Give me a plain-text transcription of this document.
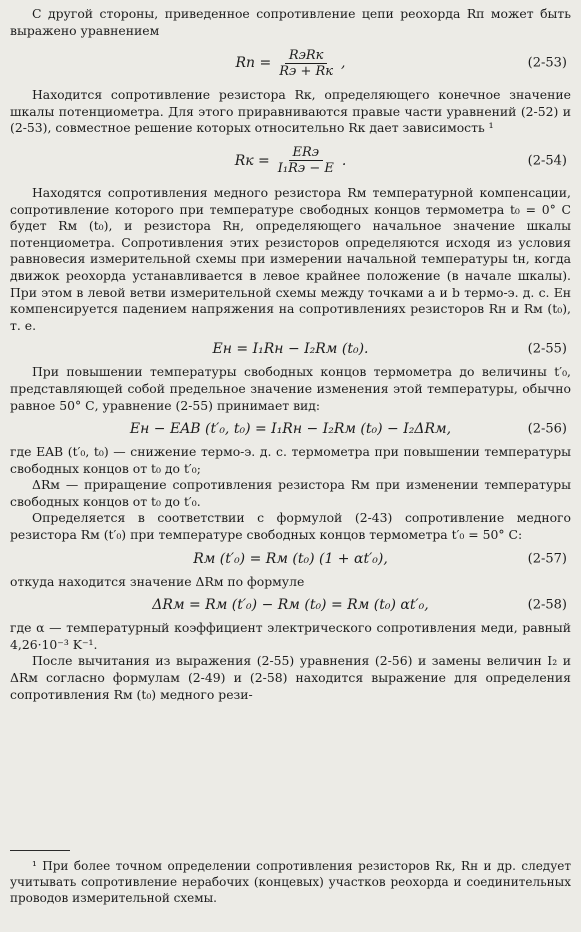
С другой стороны, приведенное сопротивление цепи реохорда Rп может быть выражено уравнением

Rп =	RэRк
Rэ + Rк ,	(2-53)

Находится сопротивление резистора Rк, определяющего конечное значение шкалы потенциометра. Для этого приравниваются правые части уравнений (2-52) и (2-53), совместное решение которых относительно Rк дает зависимость ¹

Rк =	ERэ
I₁Rэ − E .	(2-54)

Находятся сопротивления медного резистора Rм температурной компенсации, сопротивление которого при температуре свободных концов термометра t₀ = 0° С будет Rм (t₀), и резистора Rн, определяющего начальное значение шкалы потенциометра. Сопротивления этих резисторов определяются исходя из условия равновесия измерительной схемы при измерении начальной температуры tн, когда движок реохорда устанавливается в левое крайнее положение (в начале шкалы). При этом в левой ветви измерительной схемы между точками a и b термо-э. д. с. Eн компенсируется падением напряжения на сопротивлениях резисторов Rн и Rм (t₀), т. е.

Eн = I₁Rн − I₂Rм (t₀).	(2-55)

При повышении температуры свободных концов термометра до величины t′₀, представляющей собой предельное значение изменения этой температуры, обычно равное 50° С, уравнение (2-55) принимает вид:

Eн − EAB (t′₀, t₀) = I₁Rн − I₂Rм (t₀) − I₂ΔRм,	(2-56)

где EAB (t′₀, t₀) — снижение термо-э. д. с. термометра при повышении температуры свободных концов от t₀ до t′₀;

ΔRм — приращение сопротивления резистора Rм при изменении температуры свободных концов от t₀ до t′₀.

Определяется в соответствии с формулой (2-43) сопротивление медного резистора Rм (t′₀) при температуре свободных концов термометра t′₀ = 50° С:

Rм (t′₀) = Rм (t₀) (1 + αt′₀),	(2-57)

откуда находится значение ΔRм по формуле

ΔRм = Rм (t′₀) − Rм (t₀) = Rм (t₀) αt′₀,	(2-58)

где α — температурный коэффициент электрического сопротивления меди, равный 4,26·10⁻³ K⁻¹.

После вычитания из выражения (2-55) уравнения (2-56) и замены величин I₂ и ΔRм согласно формулам (2-49) и (2-58) находится выражение для определения сопротивления Rм (t₀) медного рези-

¹ При более точном определении сопротивления резисторов Rк, Rн и др. следует учитывать сопротивление нерабочих (концевых) участков реохорда и соединительных проводов измерительной схемы.
